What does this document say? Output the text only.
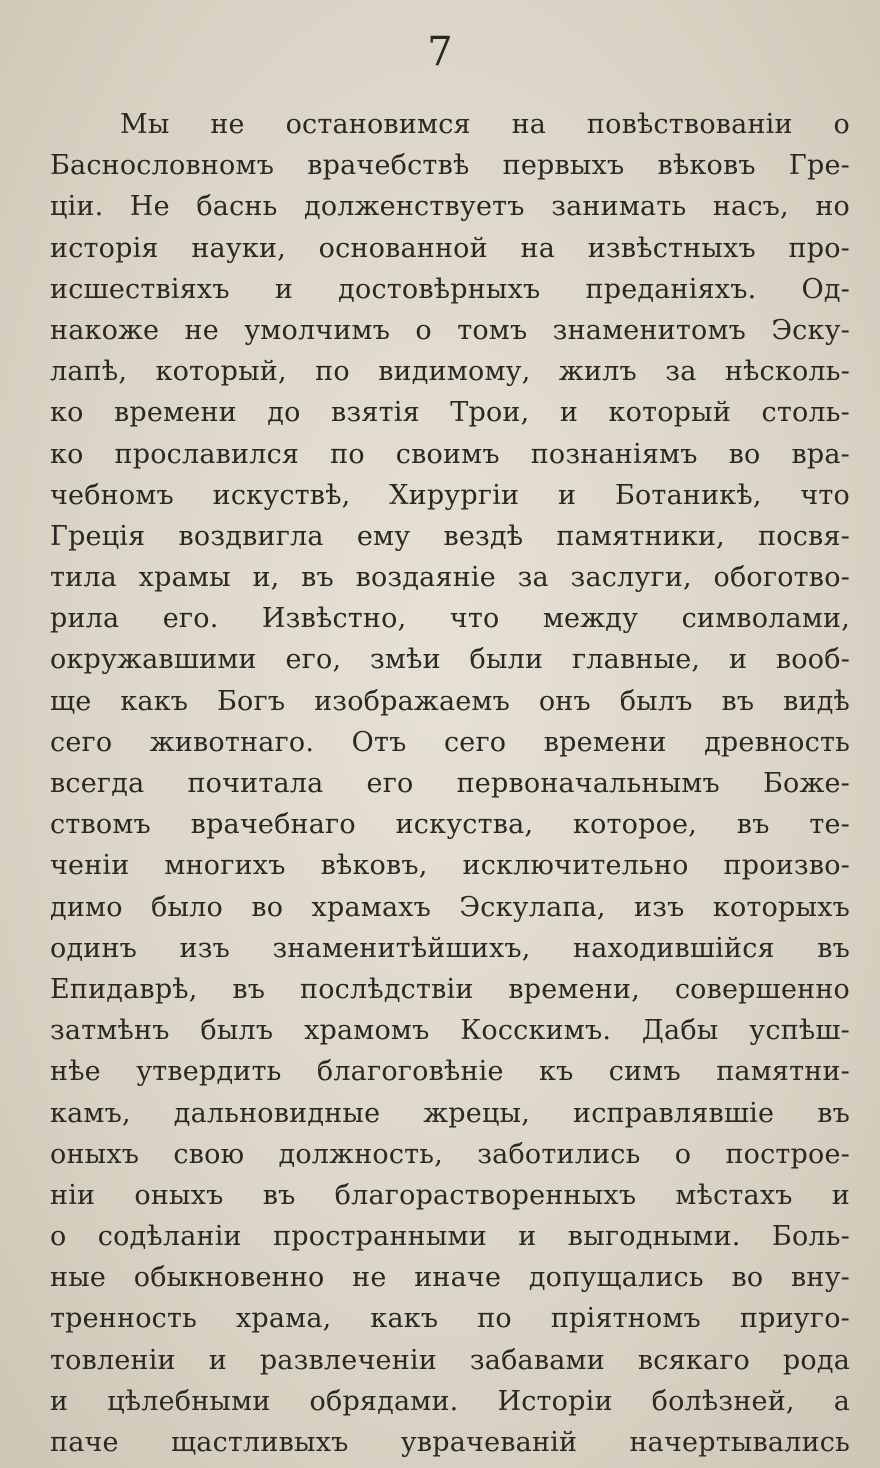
7
Мы не остановимся на повѣствованіи о
Баснословномъ врачебствѣ первыхъ вѣковъ Гре-
ціи. Не баснь долженствуетъ занимать насъ, но
исторія науки, основанной на извѣстныхъ про-
исшествіяхъ и достовѣрныхъ преданіяхъ. Од-
накоже не умолчимъ о томъ знаменитомъ Эску-
лапѣ, который, по видимому, жилъ за нѣсколь-
ко времени до взятія Трои, и который столь-
ко прославился по своимъ познаніямъ во вра-
чебномъ искуствѣ, Хирургіи и Ботаникѣ, что
Греція воздвигла ему вездѣ памятники, посвя-
тила храмы и, въ воздаяніе за заслуги, обоготво-
рила его. Извѣстно, что между символами,
окружавшими его, змѣи были главные, и вооб-
ще какъ Богъ изображаемъ онъ былъ въ видѣ
сего животнаго. Отъ сего времени древность
всегда почитала его первоначальнымъ Боже-
ствомъ врачебнаго искуства, которое, въ те-
ченіи многихъ вѣковъ, исключительно произво-
димо было во храмахъ Эскулапа, изъ которыхъ
одинъ изъ знаменитѣйшихъ, находившійся въ
Епидаврѣ, въ послѣдствіи времени, совершенно
затмѣнъ былъ храмомъ Косскимъ. Дабы успѣш-
нѣе утвердить благоговѣніе къ симъ памятни-
камъ, дальновидные жрецы, исправлявшіе въ
оныхъ свою должность, заботились о построе-
ніи оныхъ въ благорастворенныхъ мѣстахъ и
о содѣланіи пространными и выгодными. Боль-
ные обыкновенно не иначе допущались во вну-
тренность храма, какъ по пріятномъ приуго-
товленіи и развлеченіи забавами всякаго рода
и цѣлебными обрядами. Исторіи болѣзней, а
паче щастливыхъ уврачеваній начертывались
